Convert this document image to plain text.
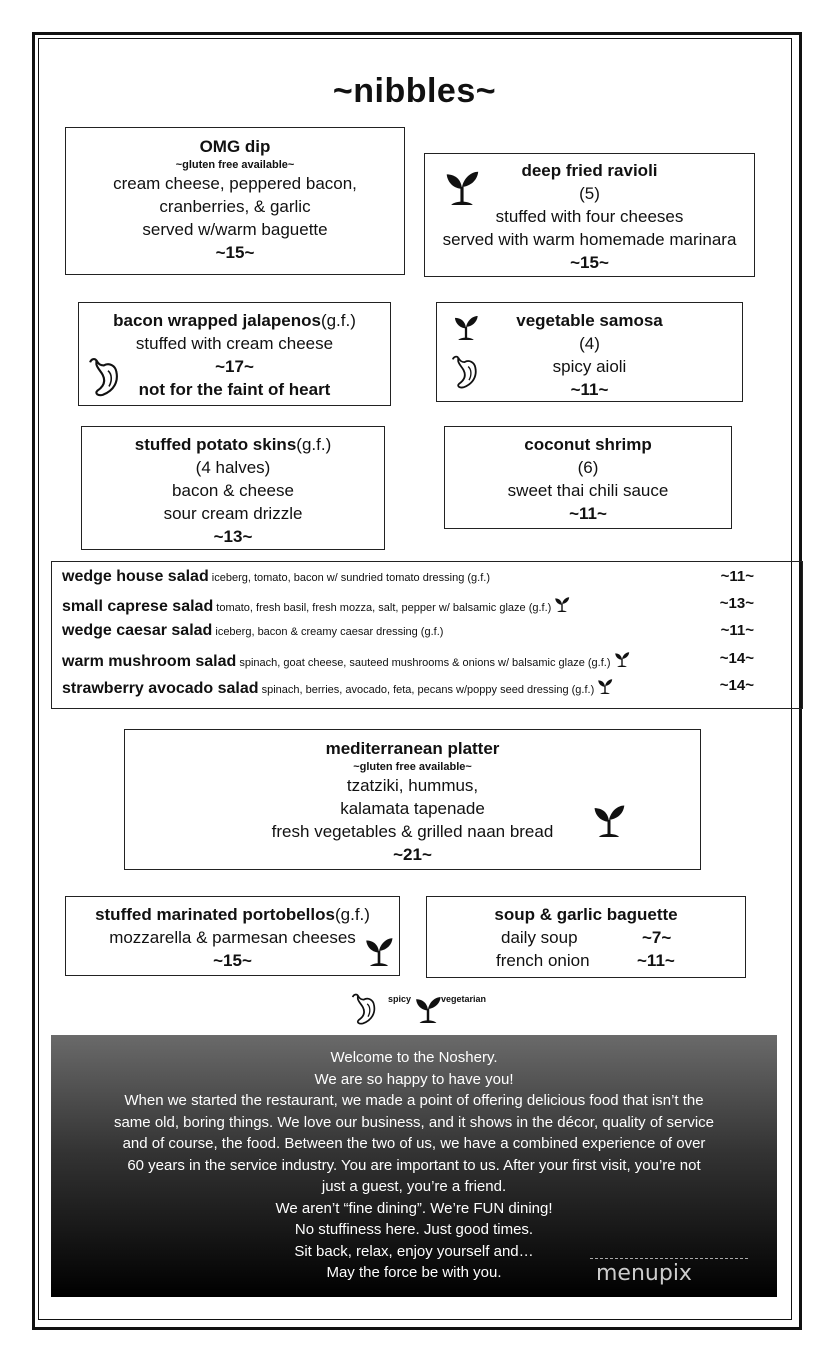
~nibbles~
OMG dip
~gluten free available~
cream cheese, peppered bacon,
cranberries, & garlic
served w/warm baguette
~15~
deep fried ravioli
(5)
stuffed with four cheeses
served with warm homemade marinara
~15~
bacon wrapped jalapenos(g.f.)
stuffed with cream cheese
~17~
not for the faint of heart
vegetable samosa
(4)
spicy aioli
~11~
stuffed potato skins(g.f.)
(4 halves)
bacon & cheese
sour cream drizzle
~13~
coconut shrimp
(6)
sweet thai chili sauce
~11~
wedge house salad iceberg, tomato, bacon w/ sundried tomato dressing (g.f.)	~11~
small caprese salad tomato, fresh basil, fresh mozza, salt, pepper w/ balsamic glaze (g.f.)	~13~
wedge caesar salad iceberg, bacon & creamy caesar dressing (g.f.)	~11~
warm mushroom salad spinach, goat cheese, sauteed mushrooms & onions w/ balsamic glaze (g.f.)	~14~
strawberry avocado salad spinach, berries, avocado, feta, pecans w/poppy seed dressing (g.f.)	~14~
mediterranean platter
~gluten free available~
tzatziki, hummus,
kalamata tapenade
fresh vegetables & grilled naan bread
~21~
stuffed marinated portobellos(g.f.)
mozzarella & parmesan cheeses
~15~
soup & garlic baguette
daily soup	~7~
french onion	~11~
spicy	vegetarian
Welcome to the Noshery.
We are so happy to have you!
When we started the restaurant, we made a point of offering delicious food that isn’t the
same old, boring things. We love our business, and it shows in the décor, quality of service
and of course, the food. Between the two of us, we have a combined experience of over
60 years in the service industry. You are important to us. After your first visit, you’re not
just a guest, you’re a friend.
We aren’t “fine dining”. We’re FUN dining!
No stuffiness here. Just good times.
Sit back, relax, enjoy yourself and…
May the force be with you.	menupix
